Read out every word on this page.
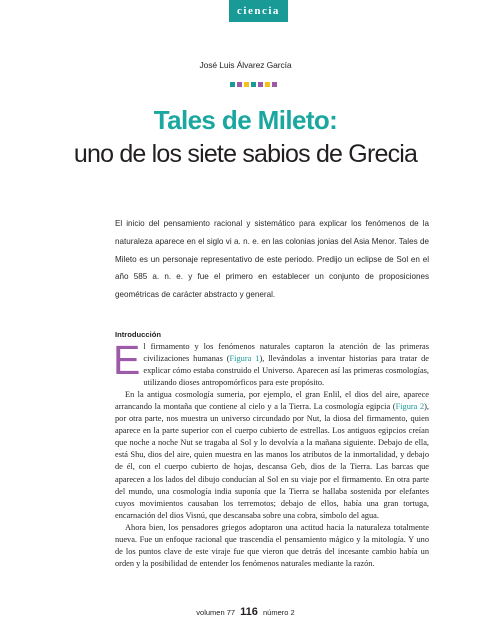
ciencia
José Luis Álvarez García
Tales de Mileto:
uno de los siete sabios de Grecia

El inicio del pensamiento racional y sistemático para explicar los fenómenos de la naturaleza aparece en el siglo vi a. n. e. en las colonias jonias del Asia Menor. Tales de Mileto es un personaje representativo de este periodo. Predijo un eclipse de Sol en el año 585 a. n. e. y fue el primero en establecer un conjunto de proposiciones geométricas de carácter abstracto y general.

Introducción

El firmamento y los fenómenos naturales captaron la atención de las primeras civilizaciones humanas (Figura 1), llevándolas a inventar historias para tratar de explicar cómo estaba construido el Universo. Aparecen así las primeras cosmologías, utilizando dioses antropomórficos para este propósito.

En la antigua cosmología sumeria, por ejemplo, el gran Enlil, el dios del aire, aparece arrancando la montaña que contiene al cielo y a la Tierra. La cosmología egipcia (Figura 2), por otra parte, nos muestra un universo circundado por Nut, la diosa del firmamento, quien aparece en la parte superior con el cuerpo cubierto de estrellas. Los antiguos egipcios creían que noche a noche Nut se tragaba al Sol y lo devolvía a la mañana siguiente. Debajo de ella, está Shu, dios del aire, quien muestra en las manos los atributos de la inmortalidad, y debajo de él, con el cuerpo cubierto de hojas, descansa Geb, dios de la Tierra. Las barcas que aparecen a los lados del dibujo conducían al Sol en su viaje por el firmamento. En otra parte del mundo, una cosmología india suponía que la Tierra se hallaba sostenida por elefantes cuyos movimientos causaban los terremotos; debajo de ellos, había una gran tortuga, encarnación del dios Visnú, que descansaba sobre una cobra, símbolo del agua.

Ahora bien, los pensadores griegos adoptaron una actitud hacia la naturaleza totalmente nueva. Fue un enfoque racional que trascendía el pensamiento mágico y la mitología. Y uno de los puntos clave de este viraje fue que vieron que detrás del incesante cambio había un orden y la posibilidad de entender los fenómenos naturales mediante la razón.

volumen 77 116 número 2
